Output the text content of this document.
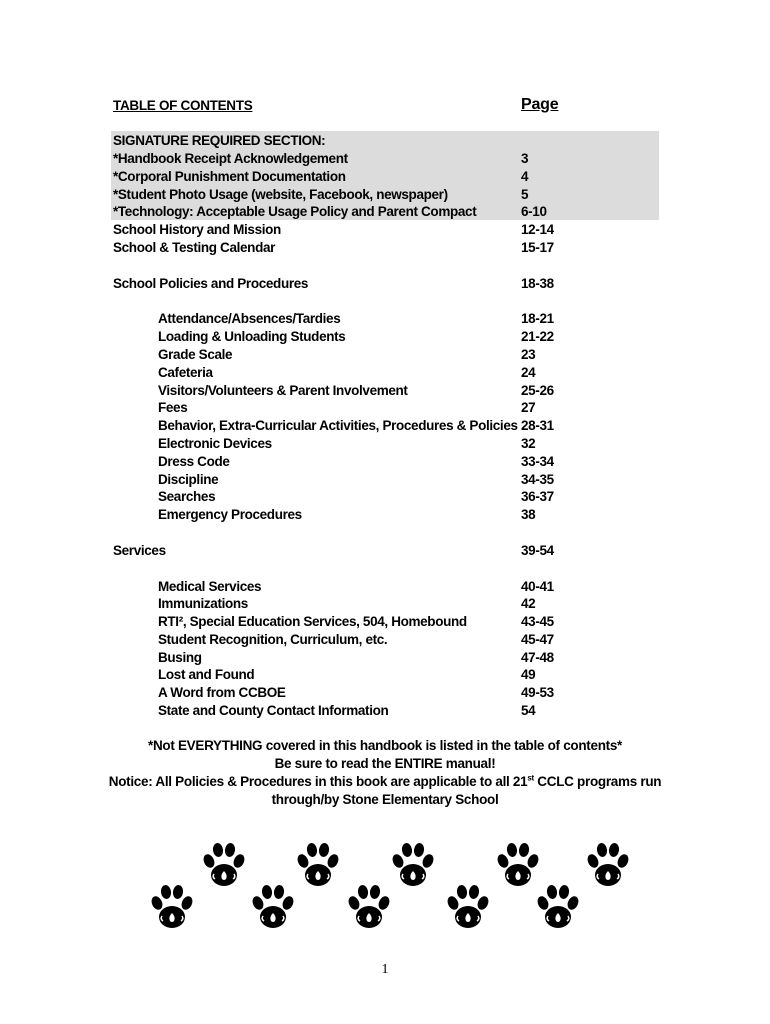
TABLE OF CONTENTS	Page
SIGNATURE REQUIRED SECTION:
*Handbook Receipt Acknowledgement	3
*Corporal Punishment Documentation	4
*Student Photo Usage (website, Facebook, newspaper)	5
*Technology: Acceptable Usage Policy and Parent Compact	6-10
School History and Mission	12-14
School & Testing Calendar	15-17
School Policies and Procedures	18-38
Attendance/Absences/Tardies	18-21
Loading & Unloading Students	21-22
Grade Scale	23
Cafeteria	24
Visitors/Volunteers & Parent Involvement	25-26
Fees	27
Behavior, Extra-Curricular Activities, Procedures & Policies 28-31
Electronic Devices	32
Dress Code	33-34
Discipline	34-35
Searches	36-37
Emergency Procedures	38
Services	39-54
Medical Services	40-41
Immunizations	42
RTI², Special Education Services, 504, Homebound	43-45
Student Recognition, Curriculum, etc.	45-47
Busing	47-48
Lost and Found	49
A Word from CCBOE	49-53
State and County Contact Information	54
*Not EVERYTHING covered in this handbook is listed in the table of contents*
Be sure to read the ENTIRE manual!
Notice: All Policies & Procedures in this book are applicable to all 21st CCLC programs run
through/by Stone Elementary School
1
